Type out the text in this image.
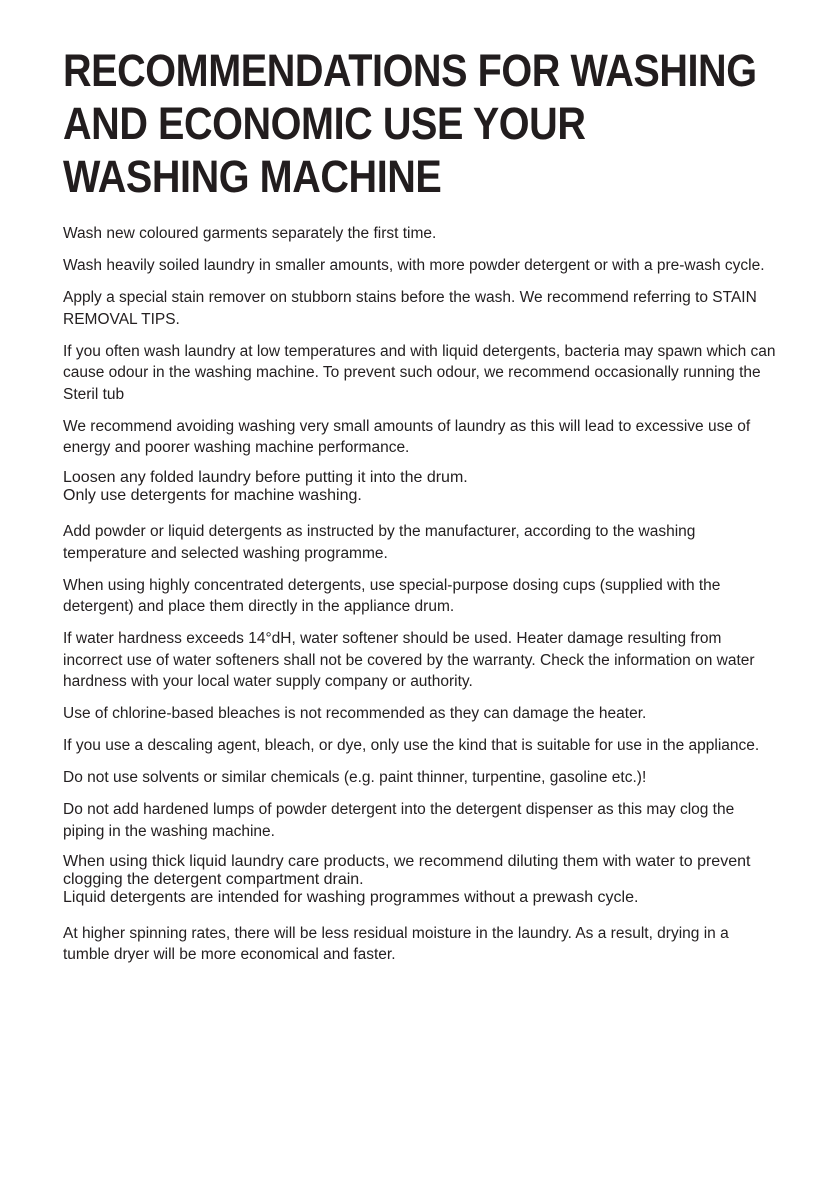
RECOMMENDATIONS FOR WASHING
AND ECONOMIC USE YOUR
WASHING MACHINE

Wash new coloured garments separately the first time.

Wash heavily soiled laundry in smaller amounts, with more powder detergent or with a pre-wash cycle.

Apply a special stain remover on stubborn stains before the wash. We recommend referring to STAIN REMOVAL TIPS.

If you often wash laundry at low temperatures and with liquid detergents, bacteria may spawn which can cause odour in the washing machine. To prevent such odour, we recommend occasionally running the Steril tub

We recommend avoiding washing very small amounts of laundry as this will lead to excessive use of energy and poorer washing machine performance.

Loosen any folded laundry before putting it into the drum.
Only use detergents for machine washing.

Add powder or liquid detergents as instructed by the manufacturer, according to the washing temperature and selected washing programme.

When using highly concentrated detergents, use special-purpose dosing cups (supplied with the detergent) and place them directly in the appliance drum.

If water hardness exceeds 14°dH, water softener should be used. Heater damage resulting from incorrect use of water softeners shall not be covered by the warranty. Check the information on water hardness with your local water supply company or authority.

Use of chlorine-based bleaches is not recommended as they can damage the heater.

If you use a descaling agent, bleach, or dye, only use the kind that is suitable for use in the appliance.

Do not use solvents or similar chemicals (e.g. paint thinner, turpentine, gasoline etc.)!

Do not add hardened lumps of powder detergent into the detergent dispenser as this may clog the piping in the washing machine.

When using thick liquid laundry care products, we recommend diluting them with water to prevent clogging the detergent compartment drain.
Liquid detergents are intended for washing programmes without a prewash cycle.

At higher spinning rates, there will be less residual moisture in the laundry. As a result, drying in a tumble dryer will be more economical and faster.
